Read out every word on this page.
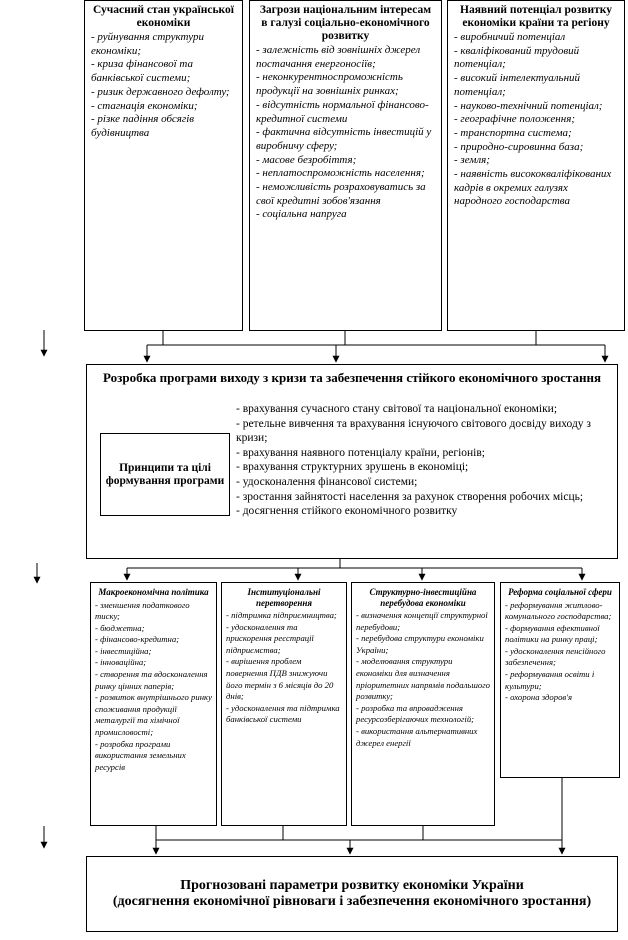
Сучасний стан української економіки
- руйнування структури економіки;
- криза фінансової та банківської системи;
- ризик державного дефолту;
- стагнація економіки;
- різке падіння обсягів будівництва
Загрози національним інтересам в галузі соціально-економічного розвитку
- залежність від зовнішніх джерел постачання енергоносіїв;
- неконкурентноспроможність продукції на зовнішніх ринках;
- відсутність нормальної фінансово-кредитної системи
- фактична відсутність інвестицій у виробничу сферу;
- масове безробіття;
- неплатоспроможність населення;
- неможливість розраховуватись за свої кредитні зобов'язання
- соціальна напруга
Наявний потенціал розвитку економіки країни та регіону
- виробничий потенціал
- кваліфікований трудовий потенціал;
- високий інтелектуальний потенціал;
- науково-технічний потенціал;
- географічне положення;
- транспортна система;
- природно-сировинна база;
- земля;
- наявність висококваліфікованих кадрів в окремих галузях народного господарства
Розробка програми виходу з кризи та забезпечення стійкого економічного зростання
Принципи та цілі формування програми
- врахування сучасного стану світової та національної економіки;
- ретельне вивчення та врахування існуючого світового досвіду виходу з кризи;
- врахування наявного потенціалу країни, регіонів;
- врахування структурних зрушень в економіці;
- удосконалення фінансової системи;
- зростання зайнятості населення за рахунок створення робочих місць;
- досягнення стійкого економічного розвитку
Макроекономічна політика
- зменшення податкового тиску;
- бюджетна;
- фінансово-кредитна;
- інвестиційна;
- інноваційна;
- створення та вдосконалення ринку цінних паперів;
- розвиток внутрішнього ринку споживання продукції металургії та хімічної промисловості;
- розробка програми використання земельних ресурсів
Інституціональні перетворення
- підтримка підприємництва;
- удосконалення та прискорення реєстрації підприємства;
- вирішення проблем повернення ПДВ знижуючи його термін з 6 місяців до 20 днів;
- удосконалення та підтримка банківської системи
Структурно-інвестиційна перебудова економіки
- визначення концепції структурної перебудови;
- перебудова структури економіки України;
- моделювання структури економіки для визначення пріоритетних напрямів подальшого розвитку;
- розробка та впровадження ресурсозберігаючих технологій;
- використання альтернативних джерел енергії
Реформа соціальної сфери
- реформування житлово-комунального господарства;
- формування ефективної політики на ринку праці;
- удосконалення пенсійного забезпечення;
- реформування освіти і культури;
- охорона здоров'я
Прогнозовані параметри розвитку економіки України
(досягнення економічної рівноваги і забезпечення економічного зростання)
